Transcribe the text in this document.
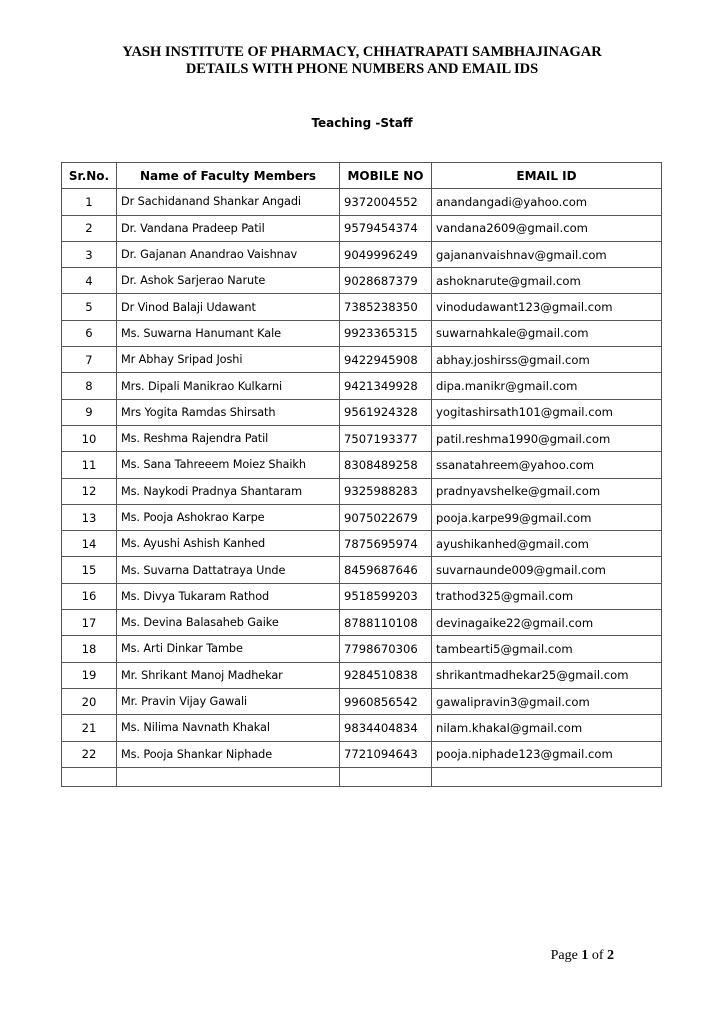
YASH INSTITUTE OF PHARMACY, CHHATRAPATI SAMBHAJINAGAR
DETAILS WITH PHONE NUMBERS AND EMAIL IDS
Teaching -Staff
Sr.No.	Name of Faculty Members	MOBILE NO	EMAIL ID
1	Dr Sachidanand Shankar Angadi	9372004552	anandangadi@yahoo.com
2	Dr. Vandana Pradeep Patil	9579454374	vandana2609@gmail.com
3	Dr. Gajanan Anandrao Vaishnav	9049996249	gajananvaishnav@gmail.com
4	Dr. Ashok Sarjerao Narute	9028687379	ashoknarute@gmail.com
5	Dr Vinod Balaji Udawant	7385238350	vinodudawant123@gmail.com
6	Ms. Suwarna Hanumant Kale	9923365315	suwarnahkale@gmail.com
7	Mr Abhay Sripad Joshi	9422945908	abhay.joshirss@gmail.com
8	Mrs. Dipali Manikrao Kulkarni	9421349928	dipa.manikr@gmail.com
9	Mrs Yogita Ramdas Shirsath	9561924328	yogitashirsath101@gmail.com
10	Ms. Reshma Rajendra Patil	7507193377	patil.reshma1990@gmail.com
11	Ms. Sana Tahreeem Moiez Shaikh	8308489258	ssanatahreem@yahoo.com
12	Ms. Naykodi Pradnya Shantaram	9325988283	pradnyavshelke@gmail.com
13	Ms. Pooja Ashokrao Karpe	9075022679	pooja.karpe99@gmail.com
14	Ms. Ayushi Ashish Kanhed	7875695974	ayushikanhed@gmail.com
15	Ms. Suvarna Dattatraya Unde	8459687646	suvarnaunde009@gmail.com
16	Ms. Divya Tukaram Rathod	9518599203	trathod325@gmail.com
17	Ms. Devina Balasaheb Gaike	8788110108	devinagaike22@gmail.com
18	Ms. Arti Dinkar Tambe	7798670306	tambearti5@gmail.com
19	Mr. Shrikant Manoj Madhekar	9284510838	shrikantmadhekar25@gmail.com
20	Mr. Pravin Vijay Gawali	9960856542	gawalipravin3@gmail.com
21	Ms. Nilima Navnath Khakal	9834404834	nilam.khakal@gmail.com
22	Ms. Pooja Shankar Niphade	7721094643	pooja.niphade123@gmail.com

Page 1 of 2
